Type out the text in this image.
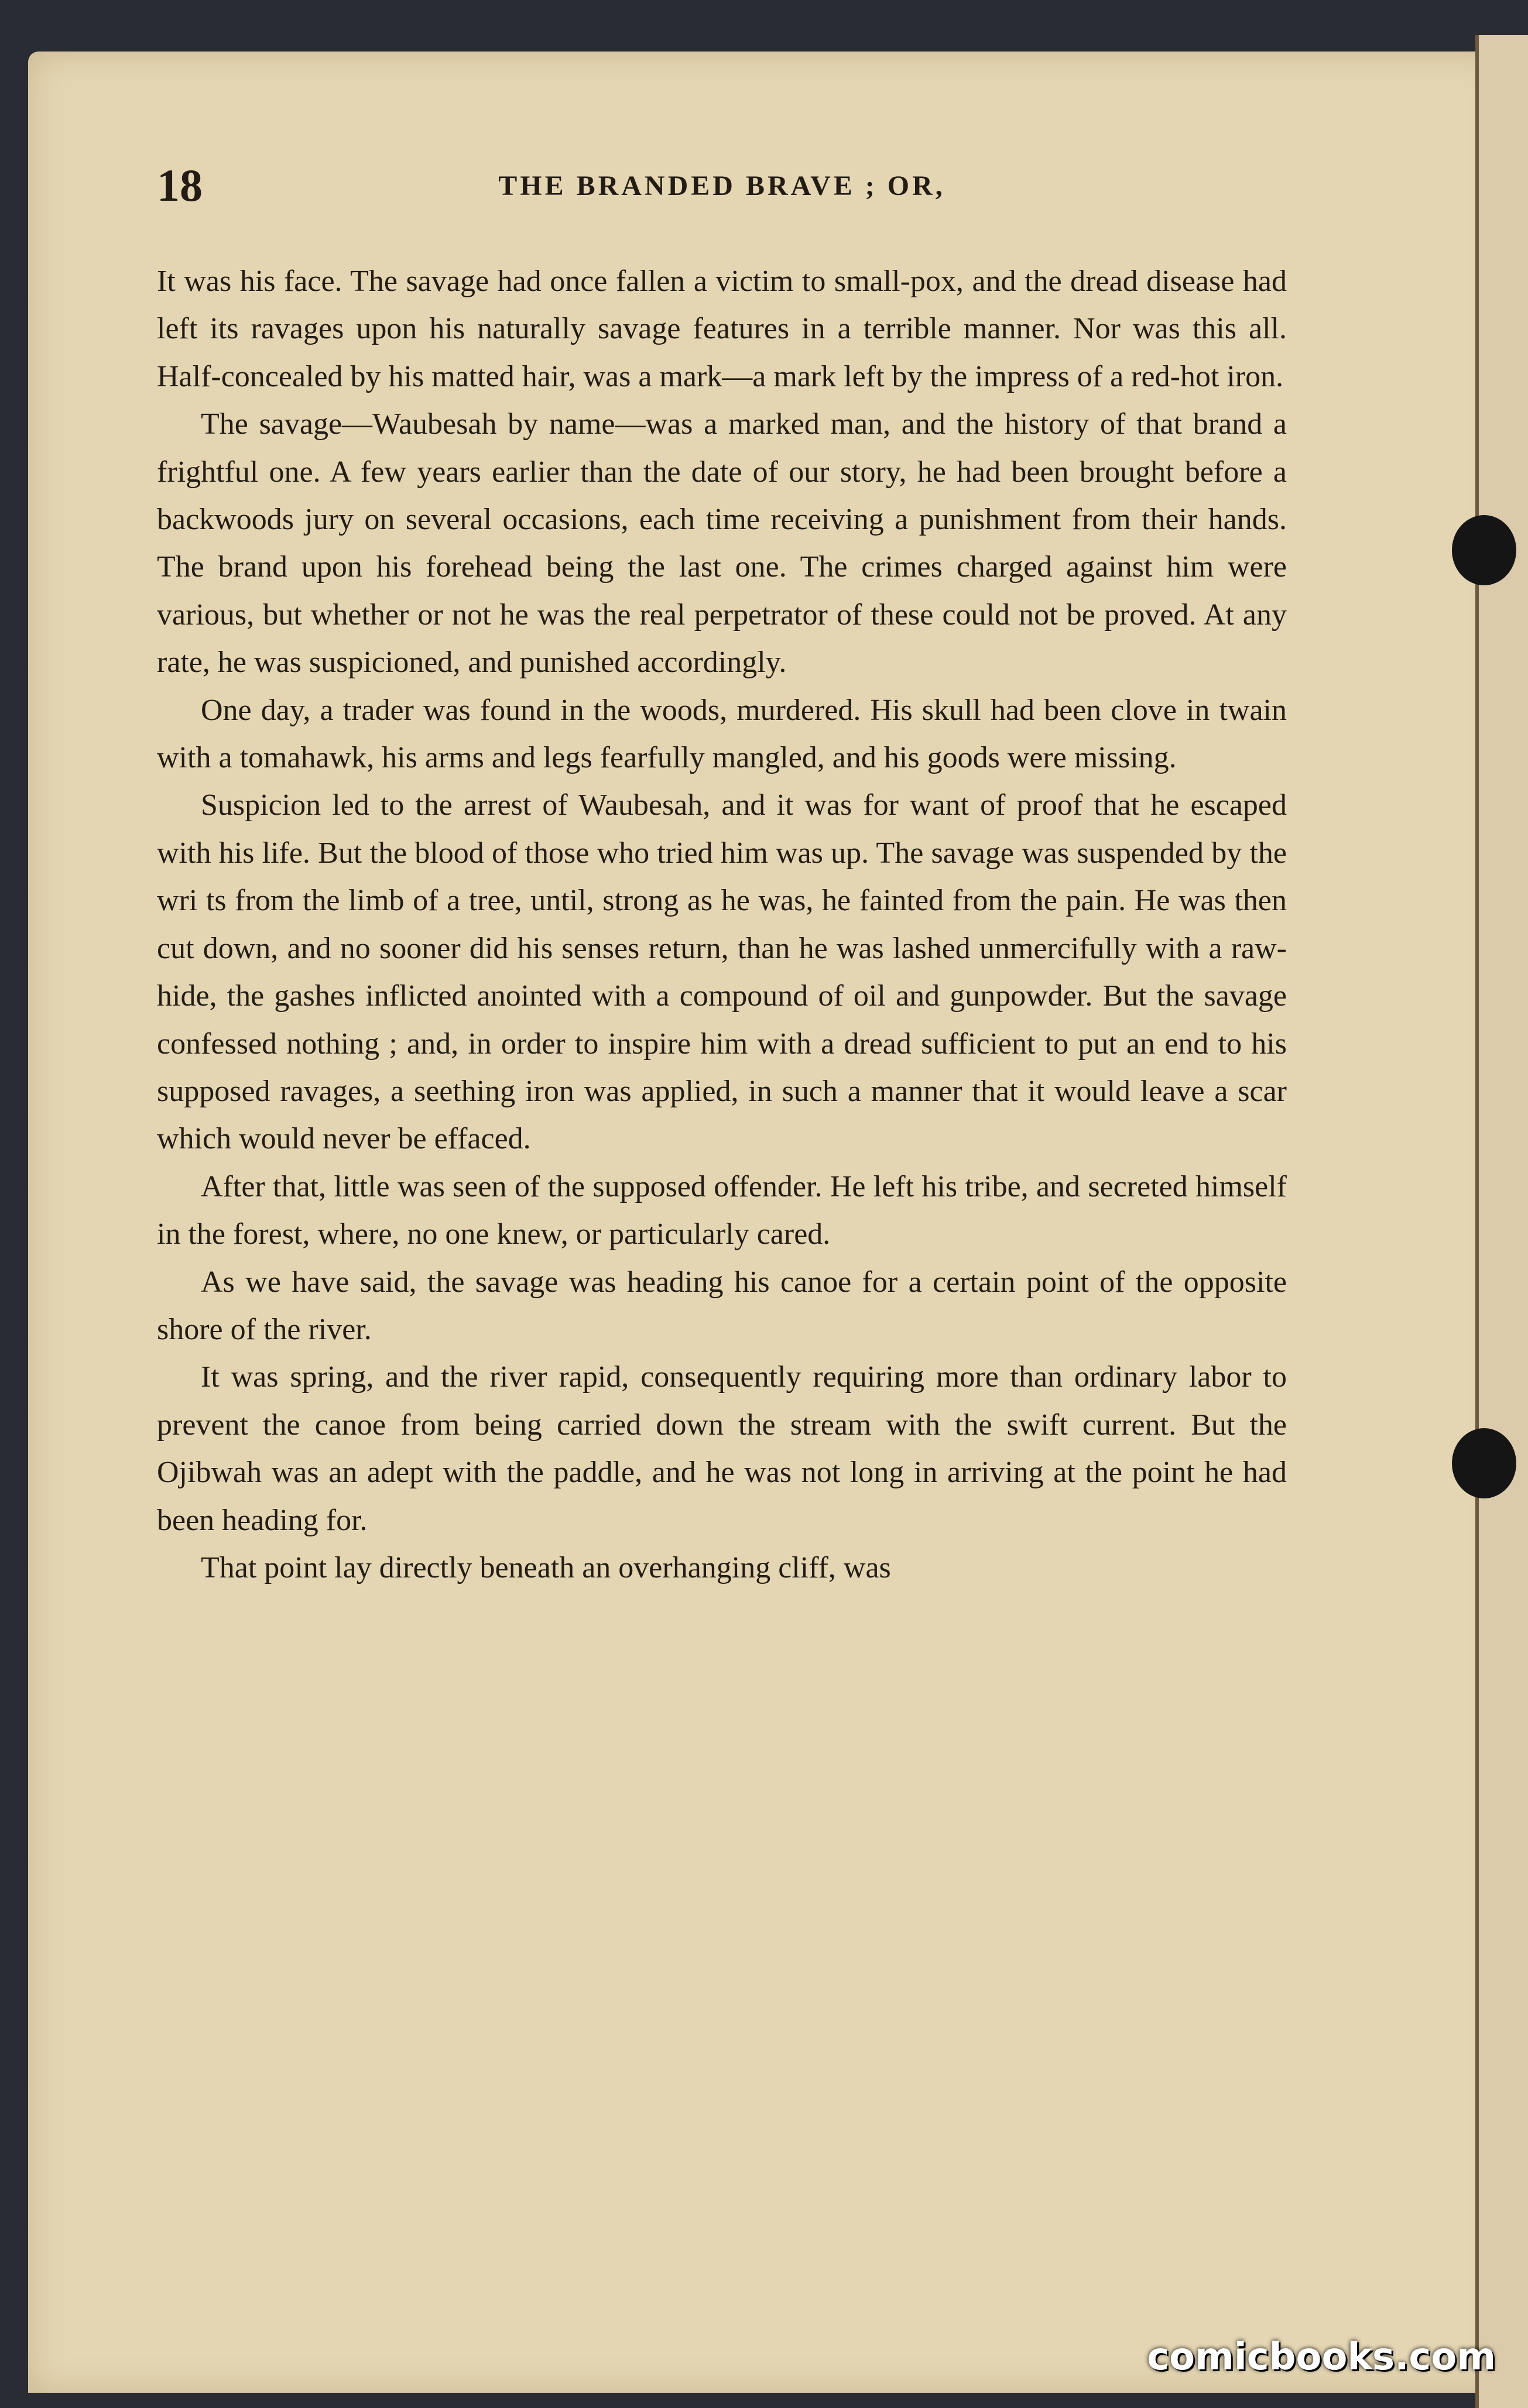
18	THE BRANDED BRAVE ; OR,

It was his face. The savage had once fallen a victim to small-pox, and the dread disease had left its ravages upon his naturally savage features in a terrible manner. Nor was this all. Half-concealed by his matted hair, was a mark—a mark left by the impress of a red-hot iron.

The savage—Waubesah by name—was a marked man, and the history of that brand a frightful one. A few years earlier than the date of our story, he had been brought before a backwoods jury on several occasions, each time receiving a punishment from their hands. The brand upon his forehead being the last one. The crimes charged against him were various, but whether or not he was the real perpetrator of these could not be proved. At any rate, he was suspicioned, and punished accordingly.

One day, a trader was found in the woods, murdered. His skull had been clove in twain with a tomahawk, his arms and legs fearfully mangled, and his goods were missing.

Suspicion led to the arrest of Waubesah, and it was for want of proof that he escaped with his life. But the blood of those who tried him was up. The savage was suspended by the wri ts from the limb of a tree, until, strong as he was, he fainted from the pain. He was then cut down, and no sooner did his senses return, than he was lashed unmercifully with a raw-hide, the gashes inflicted anointed with a compound of oil and gunpowder. But the savage confessed nothing ; and, in order to inspire him with a dread sufficient to put an end to his supposed ravages, a seething iron was applied, in such a manner that it would leave a scar which would never be effaced.

After that, little was seen of the supposed offender. He left his tribe, and secreted himself in the forest, where, no one knew, or particularly cared.

As we have said, the savage was heading his canoe for a certain point of the opposite shore of the river.

It was spring, and the river rapid, consequently requiring more than ordinary labor to prevent the canoe from being carried down the stream with the swift current. But the Ojibwah was an adept with the paddle, and he was not long in arriving at the point he had been heading for.

That point lay directly beneath an overhanging cliff, was

comicbooks.com
